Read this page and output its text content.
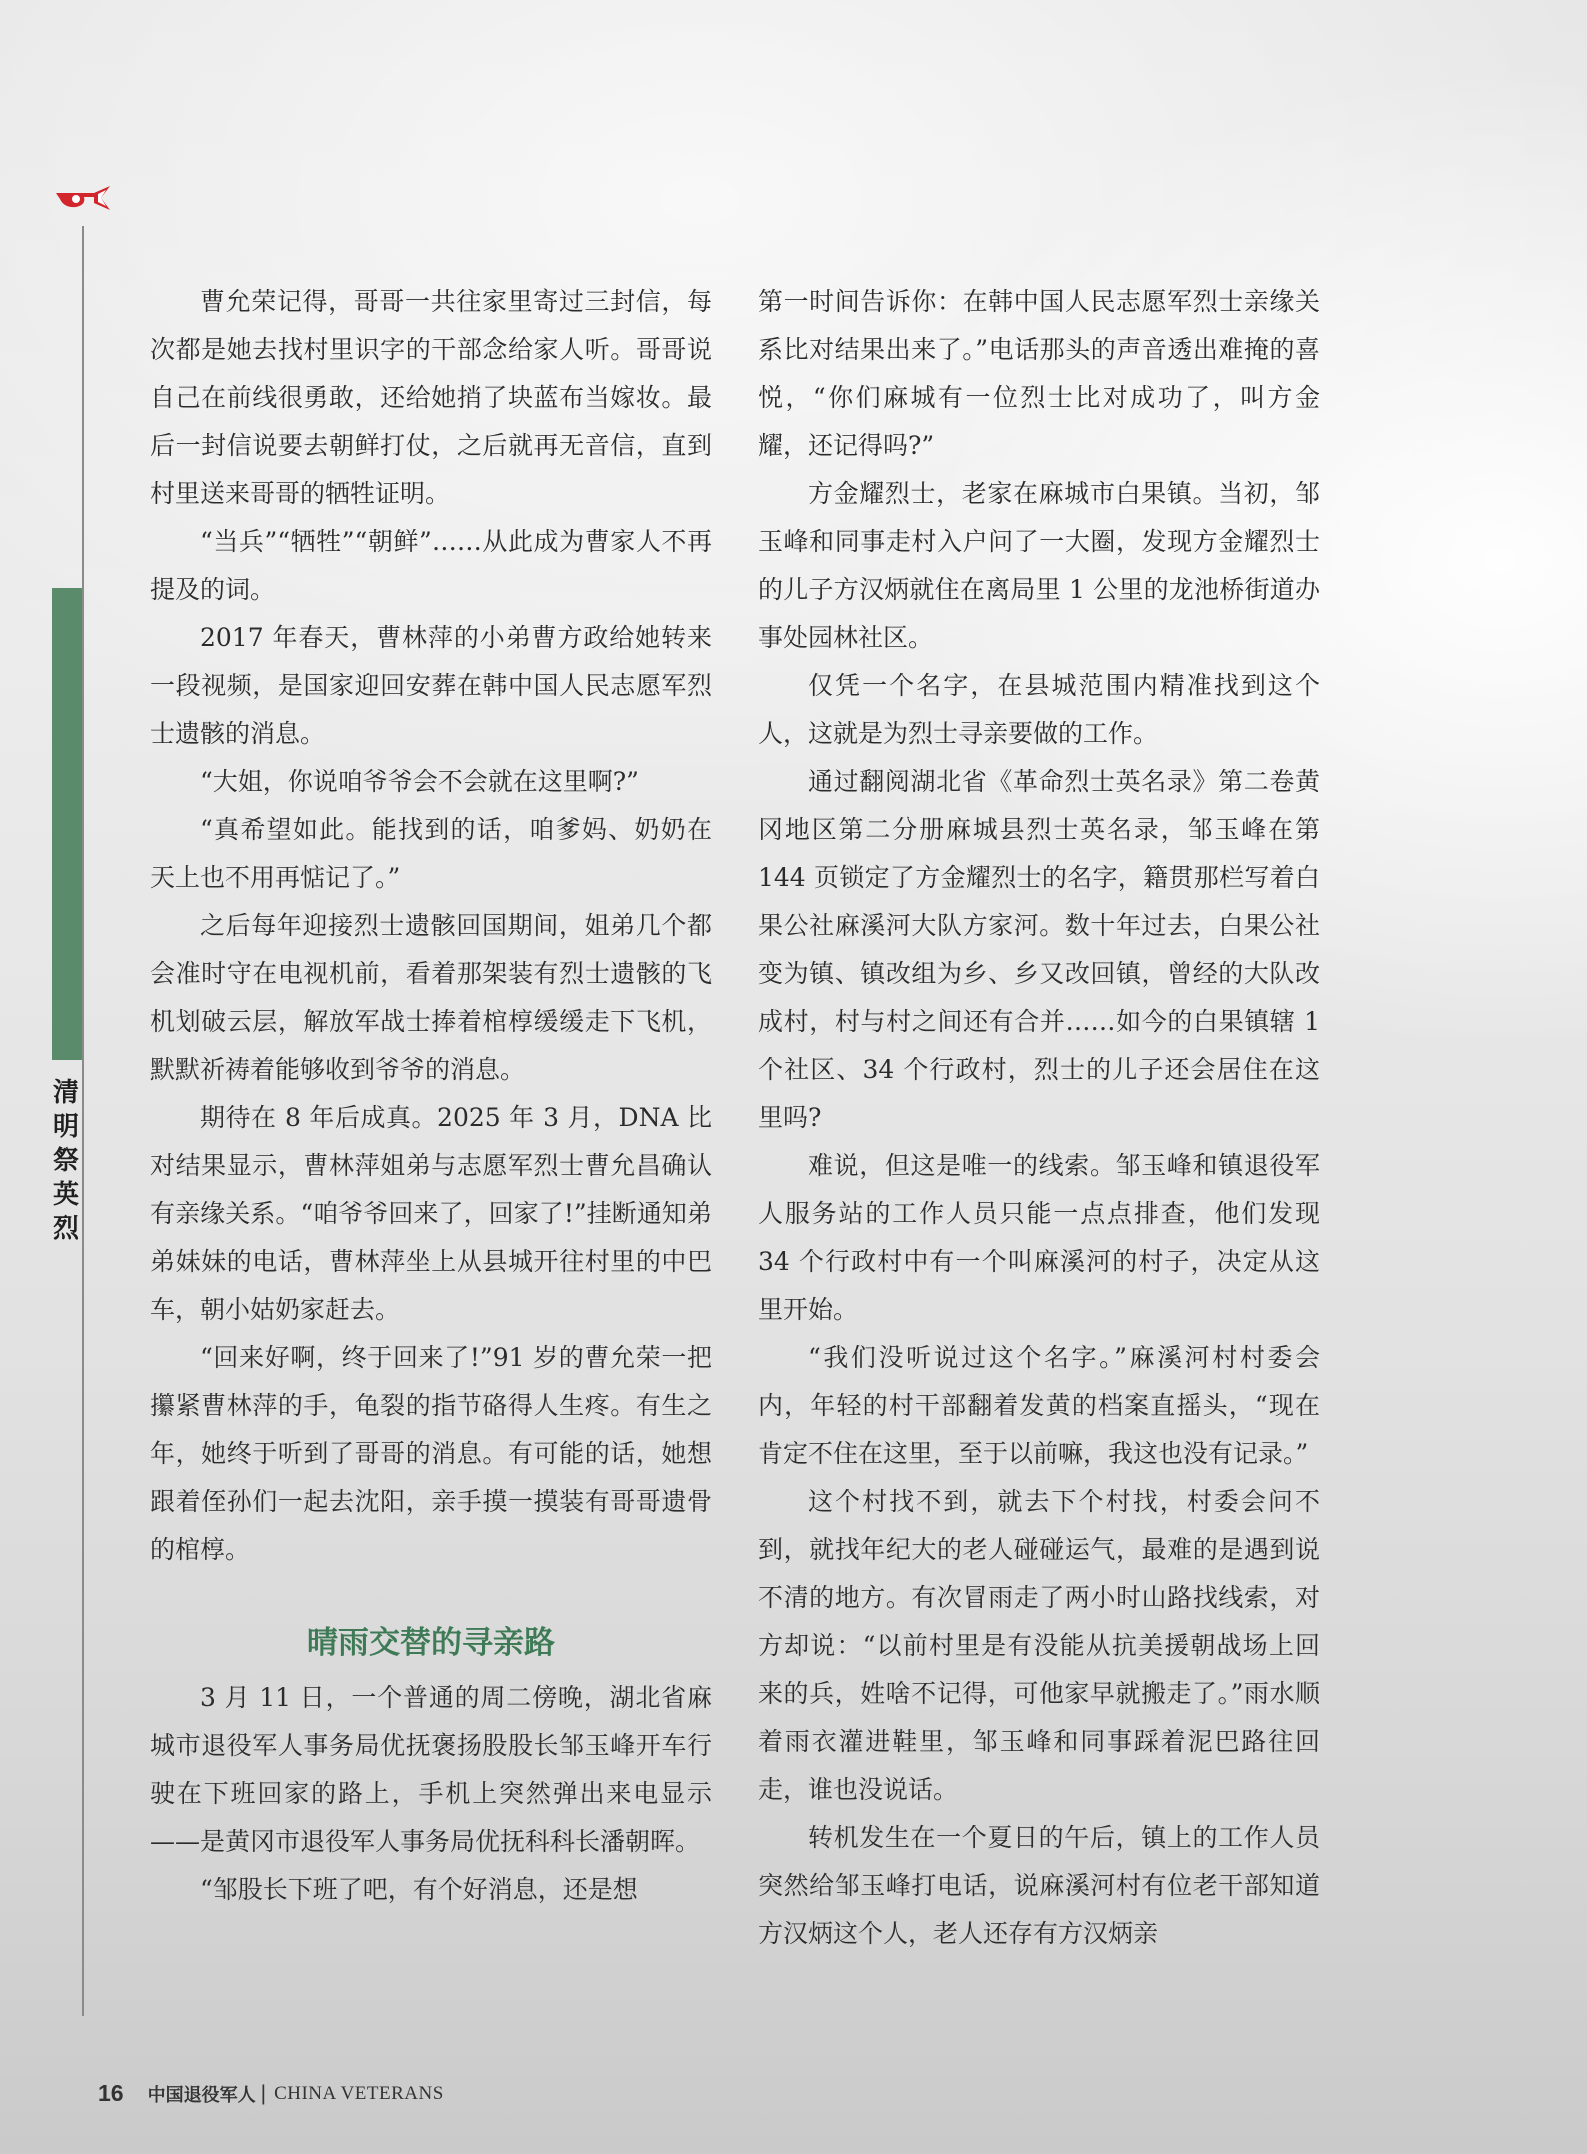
清明祭英烈

曹允荣记得，哥哥一共往家里寄过三封信，每次都是她去找村里识字的干部念给家人听。哥哥说自己在前线很勇敢，还给她捎了块蓝布当嫁妆。最后一封信说要去朝鲜打仗，之后就再无音信，直到村里送来哥哥的牺牲证明。

“当兵”“牺牲”“朝鲜”……从此成为曹家人不再提及的词。

2017 年春天，曹林萍的小弟曹方政给她转来一段视频，是国家迎回安葬在韩中国人民志愿军烈士遗骸的消息。

“大姐，你说咱爷爷会不会就在这里啊?”

“真希望如此。能找到的话，咱爹妈、奶奶在天上也不用再惦记了。”

之后每年迎接烈士遗骸回国期间，姐弟几个都会准时守在电视机前，看着那架装有烈士遗骸的飞机划破云层，解放军战士捧着棺椁缓缓走下飞机，默默祈祷着能够收到爷爷的消息。

期待在 8 年后成真。2025 年 3 月，DNA 比对结果显示，曹林萍姐弟与志愿军烈士曹允昌确认有亲缘关系。“咱爷爷回来了，回家了!”挂断通知弟弟妹妹的电话，曹林萍坐上从县城开往村里的中巴车，朝小姑奶家赶去。

“回来好啊，终于回来了!”91 岁的曹允荣一把攥紧曹林萍的手，龟裂的指节硌得人生疼。有生之年，她终于听到了哥哥的消息。有可能的话，她想跟着侄孙们一起去沈阳，亲手摸一摸装有哥哥遗骨的棺椁。

晴雨交替的寻亲路

3 月 11 日，一个普通的周二傍晚，湖北省麻城市退役军人事务局优抚褒扬股股长邹玉峰开车行驶在下班回家的路上，手机上突然弹出来电显示——是黄冈市退役军人事务局优抚科科长潘朝晖。

“邹股长下班了吧，有个好消息，还是想

第一时间告诉你：在韩中国人民志愿军烈士亲缘关系比对结果出来了。”电话那头的声音透出难掩的喜悦，“你们麻城有一位烈士比对成功了，叫方金耀，还记得吗?”

方金耀烈士，老家在麻城市白果镇。当初，邹玉峰和同事走村入户问了一大圈，发现方金耀烈士的儿子方汉炳就住在离局里 1 公里的龙池桥街道办事处园林社区。

仅凭一个名字，在县城范围内精准找到这个人，这就是为烈士寻亲要做的工作。

通过翻阅湖北省《革命烈士英名录》第二卷黄冈地区第二分册麻城县烈士英名录，邹玉峰在第 144 页锁定了方金耀烈士的名字，籍贯那栏写着白果公社麻溪河大队方家河。数十年过去，白果公社变为镇、镇改组为乡、乡又改回镇，曾经的大队改成村，村与村之间还有合并……如今的白果镇辖 1 个社区、34 个行政村，烈士的儿子还会居住在这里吗?

难说，但这是唯一的线索。邹玉峰和镇退役军人服务站的工作人员只能一点点排查，他们发现 34 个行政村中有一个叫麻溪河的村子，决定从这里开始。

“我们没听说过这个名字。”麻溪河村村委会内，年轻的村干部翻着发黄的档案直摇头，“现在肯定不住在这里，至于以前嘛，我这也没有记录。”

这个村找不到，就去下个村找，村委会问不到，就找年纪大的老人碰碰运气，最难的是遇到说不清的地方。有次冒雨走了两小时山路找线索，对方却说：“以前村里是有没能从抗美援朝战场上回来的兵，姓啥不记得，可他家早就搬走了。”雨水顺着雨衣灌进鞋里，邹玉峰和同事踩着泥巴路往回走，谁也没说话。

转机发生在一个夏日的午后，镇上的工作人员突然给邹玉峰打电话，说麻溪河村有位老干部知道方汉炳这个人，老人还存有方汉炳亲

16 中国退役军人 | CHINA VETERANS
